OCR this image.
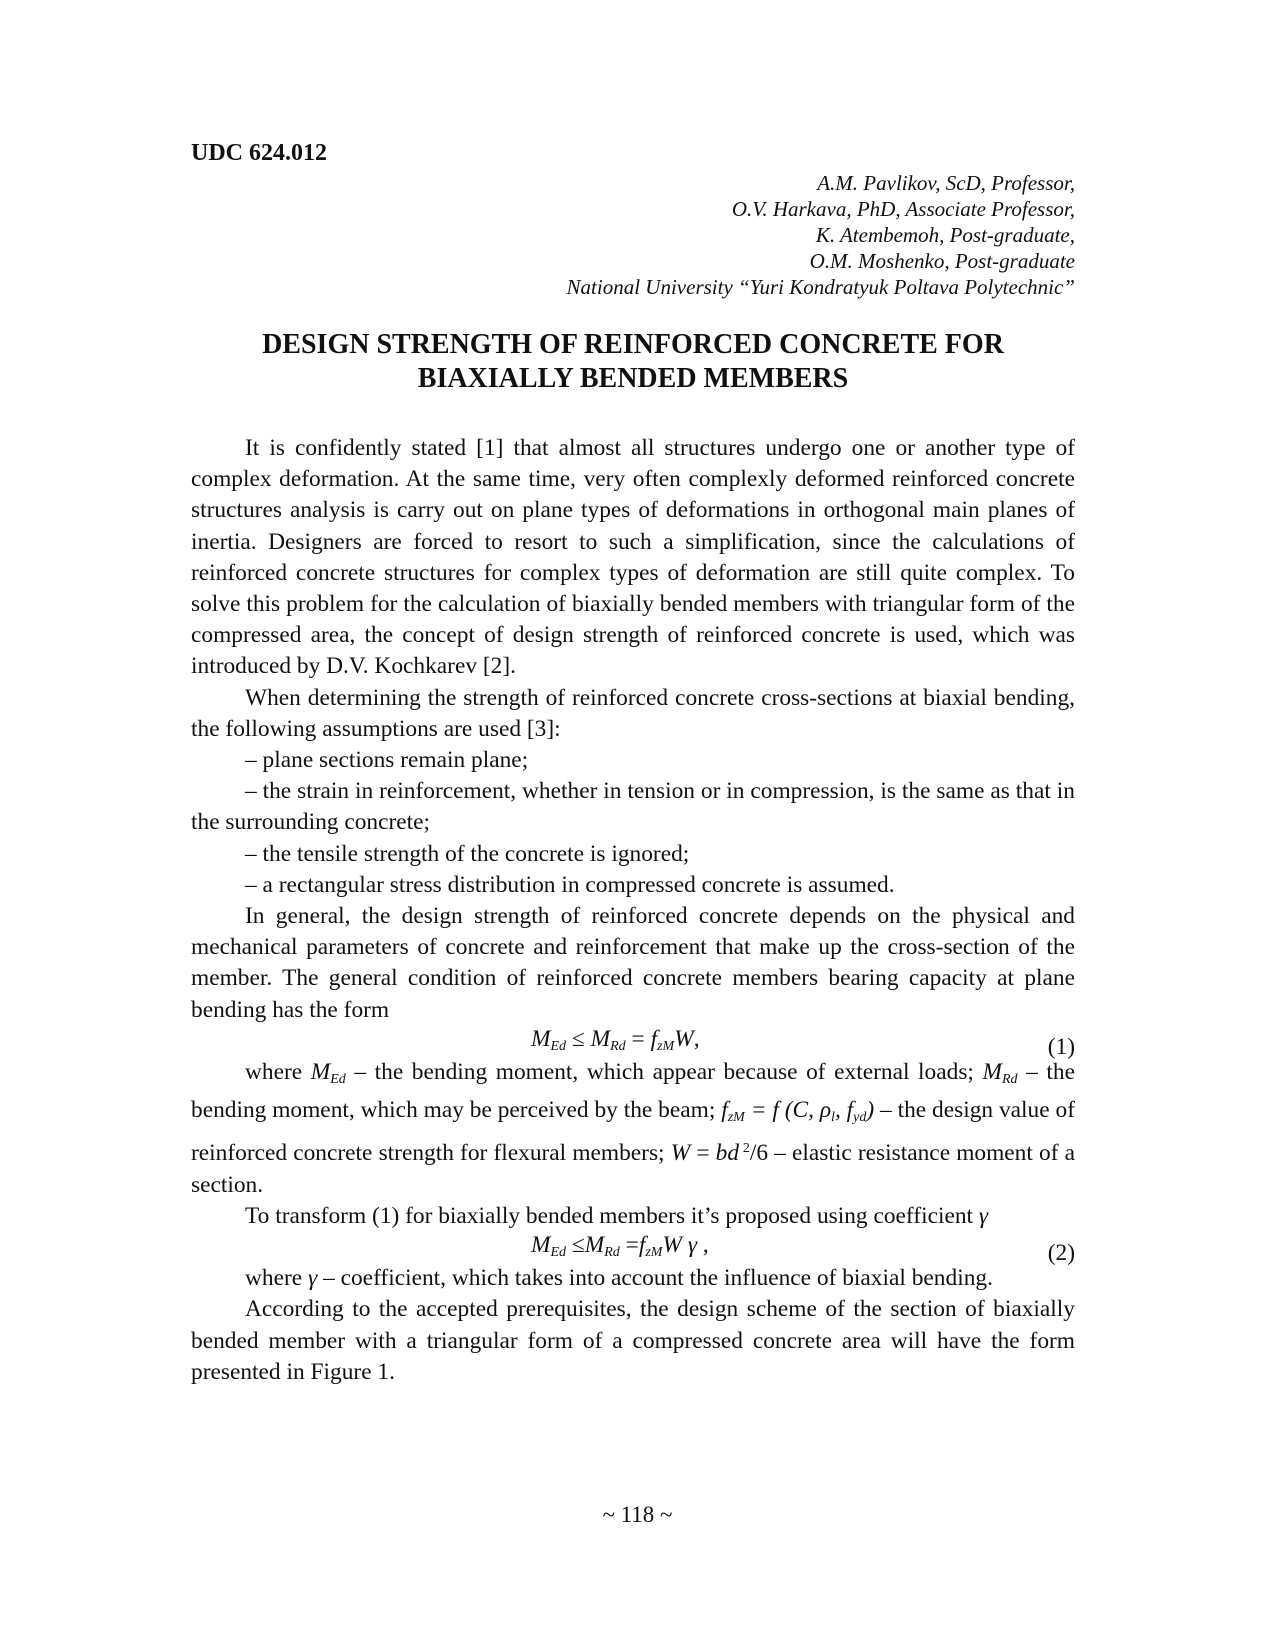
UDC 624.012
A.M. Pavlikov, ScD, Professor,
O.V. Harkava, PhD, Associate Professor,
K. Atembemoh, Post-graduate,
O.M. Moshenko, Post-graduate
National University “Yuri Kondratyuk Poltava Polytechnic”
DESIGN STRENGTH OF REINFORCED CONCRETE FOR
BIAXIALLY BENDED MEMBERS

It is confidently stated [1] that almost all structures undergo one or another type of complex deformation. At the same time, very often complexly deformed reinforced concrete structures analysis is carry out on plane types of deformations in orthogonal main planes of inertia. Designers are forced to resort to such a simplification, since the calculations of reinforced concrete structures for complex types of deformation are still quite complex. To solve this problem for the calculation of biaxially bended members with triangular form of the compressed area, the concept of design strength of reinforced concrete is used, which was introduced by D.V. Kochkarev [2].

When determining the strength of reinforced concrete cross-sections at biaxial bending, the following assumptions are used [3]:

– plane sections remain plane;

– the strain in reinforcement, whether in tension or in compression, is the same as that in the surrounding concrete;

– the tensile strength of the concrete is ignored;

– a rectangular stress distribution in compressed concrete is assumed.

In general, the design strength of reinforced concrete depends on the physical and mechanical parameters of concrete and reinforcement that make up the cross-section of the member. The general condition of reinforced concrete members bearing capacity at plane bending has the form

$M_{Ed} \le M_{Rd} = f_{zM}W$,	(1)

where $M_{Ed}$ – the bending moment, which appear because of external loads; $M_{Rd}$ – the bending moment, which may be perceived by the beam; $f_{zM} = f$ (C, $\rho_l$, $f_{yd}$) – the design value of reinforced concrete strength for flexural members; W = bd $^2$/6 – elastic resistance moment of a section.

To transform (1) for biaxially bended members it’s proposed using coefficient γ

$M_{Ed} \le M_{Rd} =f_{zM}W$ γ ,	(2)

where γ – coefficient, which takes into account the influence of biaxial bending.

According to the accepted prerequisites, the design scheme of the section of biaxially bended member with a triangular form of a compressed concrete area will have the form presented in Figure 1.

~ 118 ~
